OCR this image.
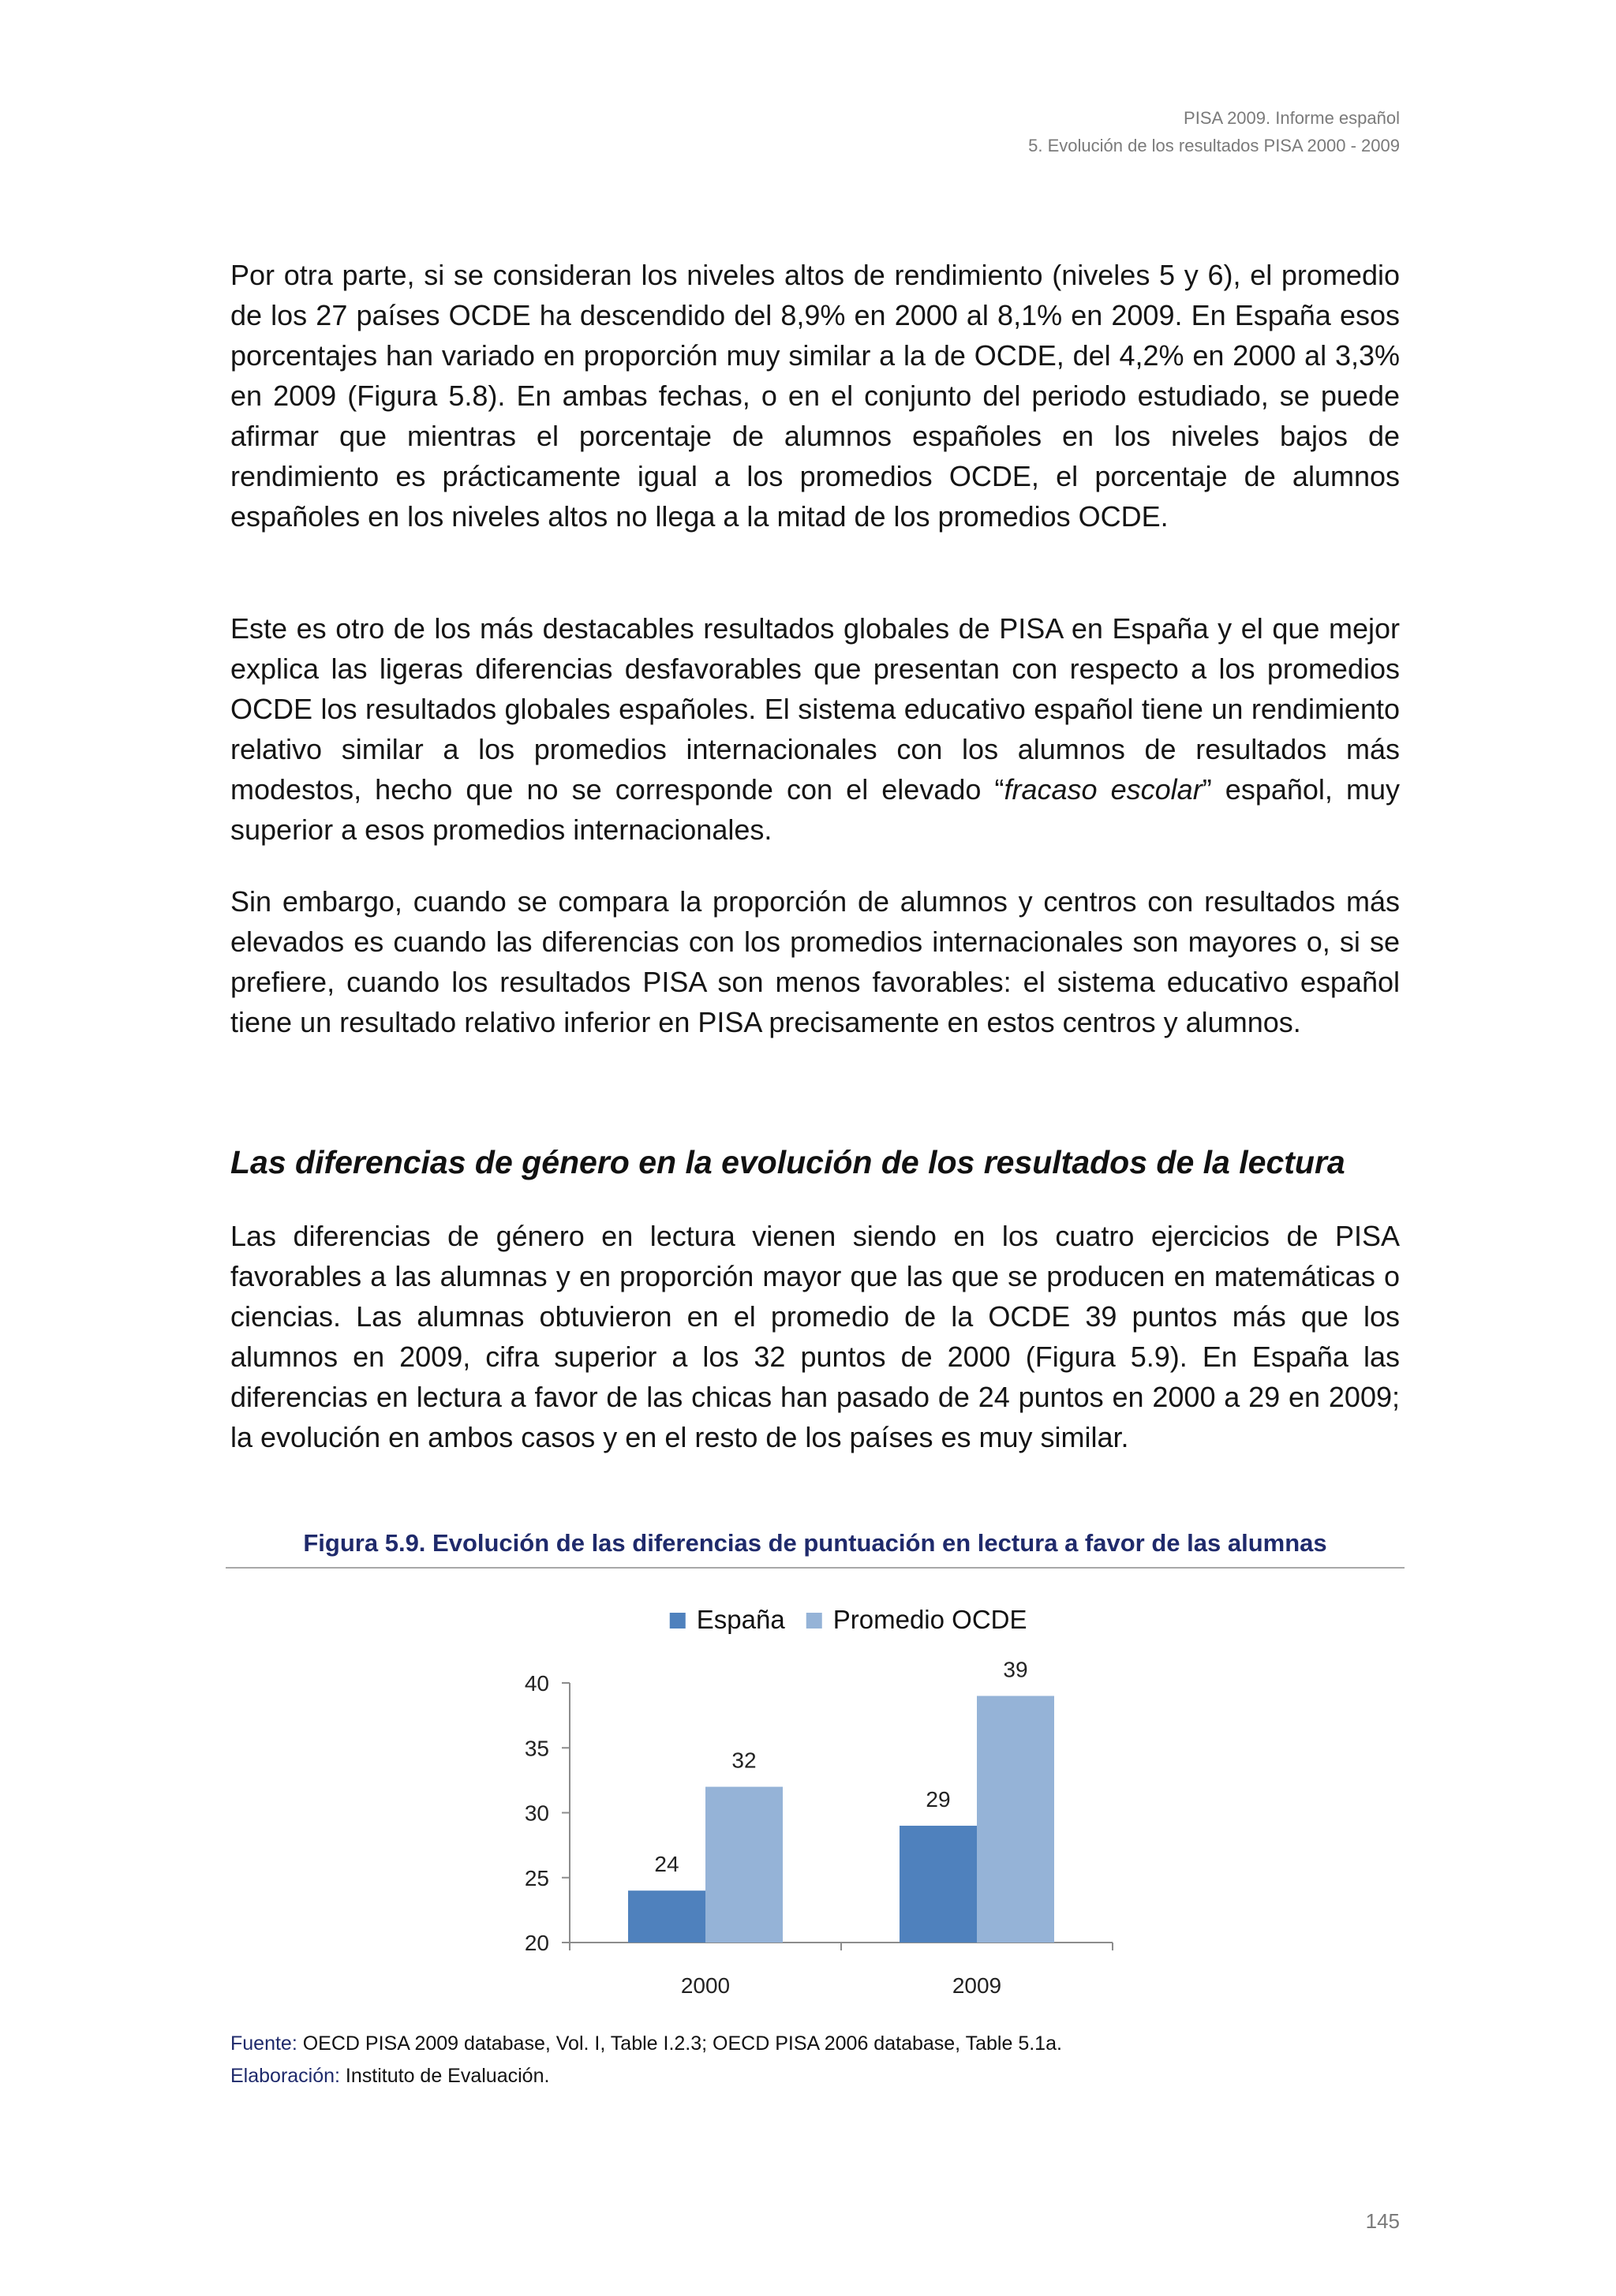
PISA 2009. Informe español
5. Evolución de los resultados PISA 2000 - 2009

Por otra parte, si se consideran los niveles altos de rendimiento (niveles 5 y 6), el promedio de los 27 países OCDE ha descendido del 8,9% en 2000 al 8,1% en 2009. En España esos porcentajes han variado en proporción muy similar a la de OCDE, del 4,2% en 2000 al 3,3% en 2009 (Figura 5.8). En ambas fechas, o en el conjunto del periodo estudiado, se puede afirmar que mientras el porcentaje de alumnos españoles en los niveles bajos de rendimiento es prácticamente igual a los promedios OCDE, el porcentaje de alumnos españoles en los niveles altos no llega a la mitad de los promedios OCDE.

Este es otro de los más destacables resultados globales de PISA en España y el que mejor explica las ligeras diferencias desfavorables que presentan con respecto a los promedios OCDE los resultados globales españoles. El sistema educativo español tiene un rendimiento relativo similar a los promedios internacionales con los alumnos de resultados más modestos, hecho que no se corresponde con el elevado “fracaso escolar” español, muy superior a esos promedios internacionales.

Sin embargo, cuando se compara la proporción de alumnos y centros con resultados más elevados es cuando las diferencias con los promedios internacionales son mayores o, si se prefiere, cuando los resultados PISA son menos favorables: el sistema educativo español tiene un resultado relativo inferior en PISA precisamente en estos centros y alumnos.

Las diferencias de género en la evolución de los resultados de la lectura

Las diferencias de género en lectura vienen siendo en los cuatro ejercicios de PISA favorables a las alumnas y en proporción mayor que las que se producen en matemáticas o ciencias. Las alumnas obtuvieron en el promedio de la OCDE 39 puntos más que los alumnos en 2009, cifra superior a los 32 puntos de 2000 (Figura 5.9). En España las diferencias en lectura a favor de las chicas han pasado de 24 puntos en 2000 a 29 en 2009; la evolución en ambos casos y en el resto de los países es muy similar.

Figura 5.9. Evolución de las diferencias de puntuación en lectura a favor de las alumnas

20
25
30
35
40
24
32
2000
29
39
2009
España Promedio OCDE
Fuente: OECD PISA 2009 database, Vol. I, Table I.2.3; OECD PISA 2006 database, Table 5.1a.
Elaboración: Instituto de Evaluación.
145
